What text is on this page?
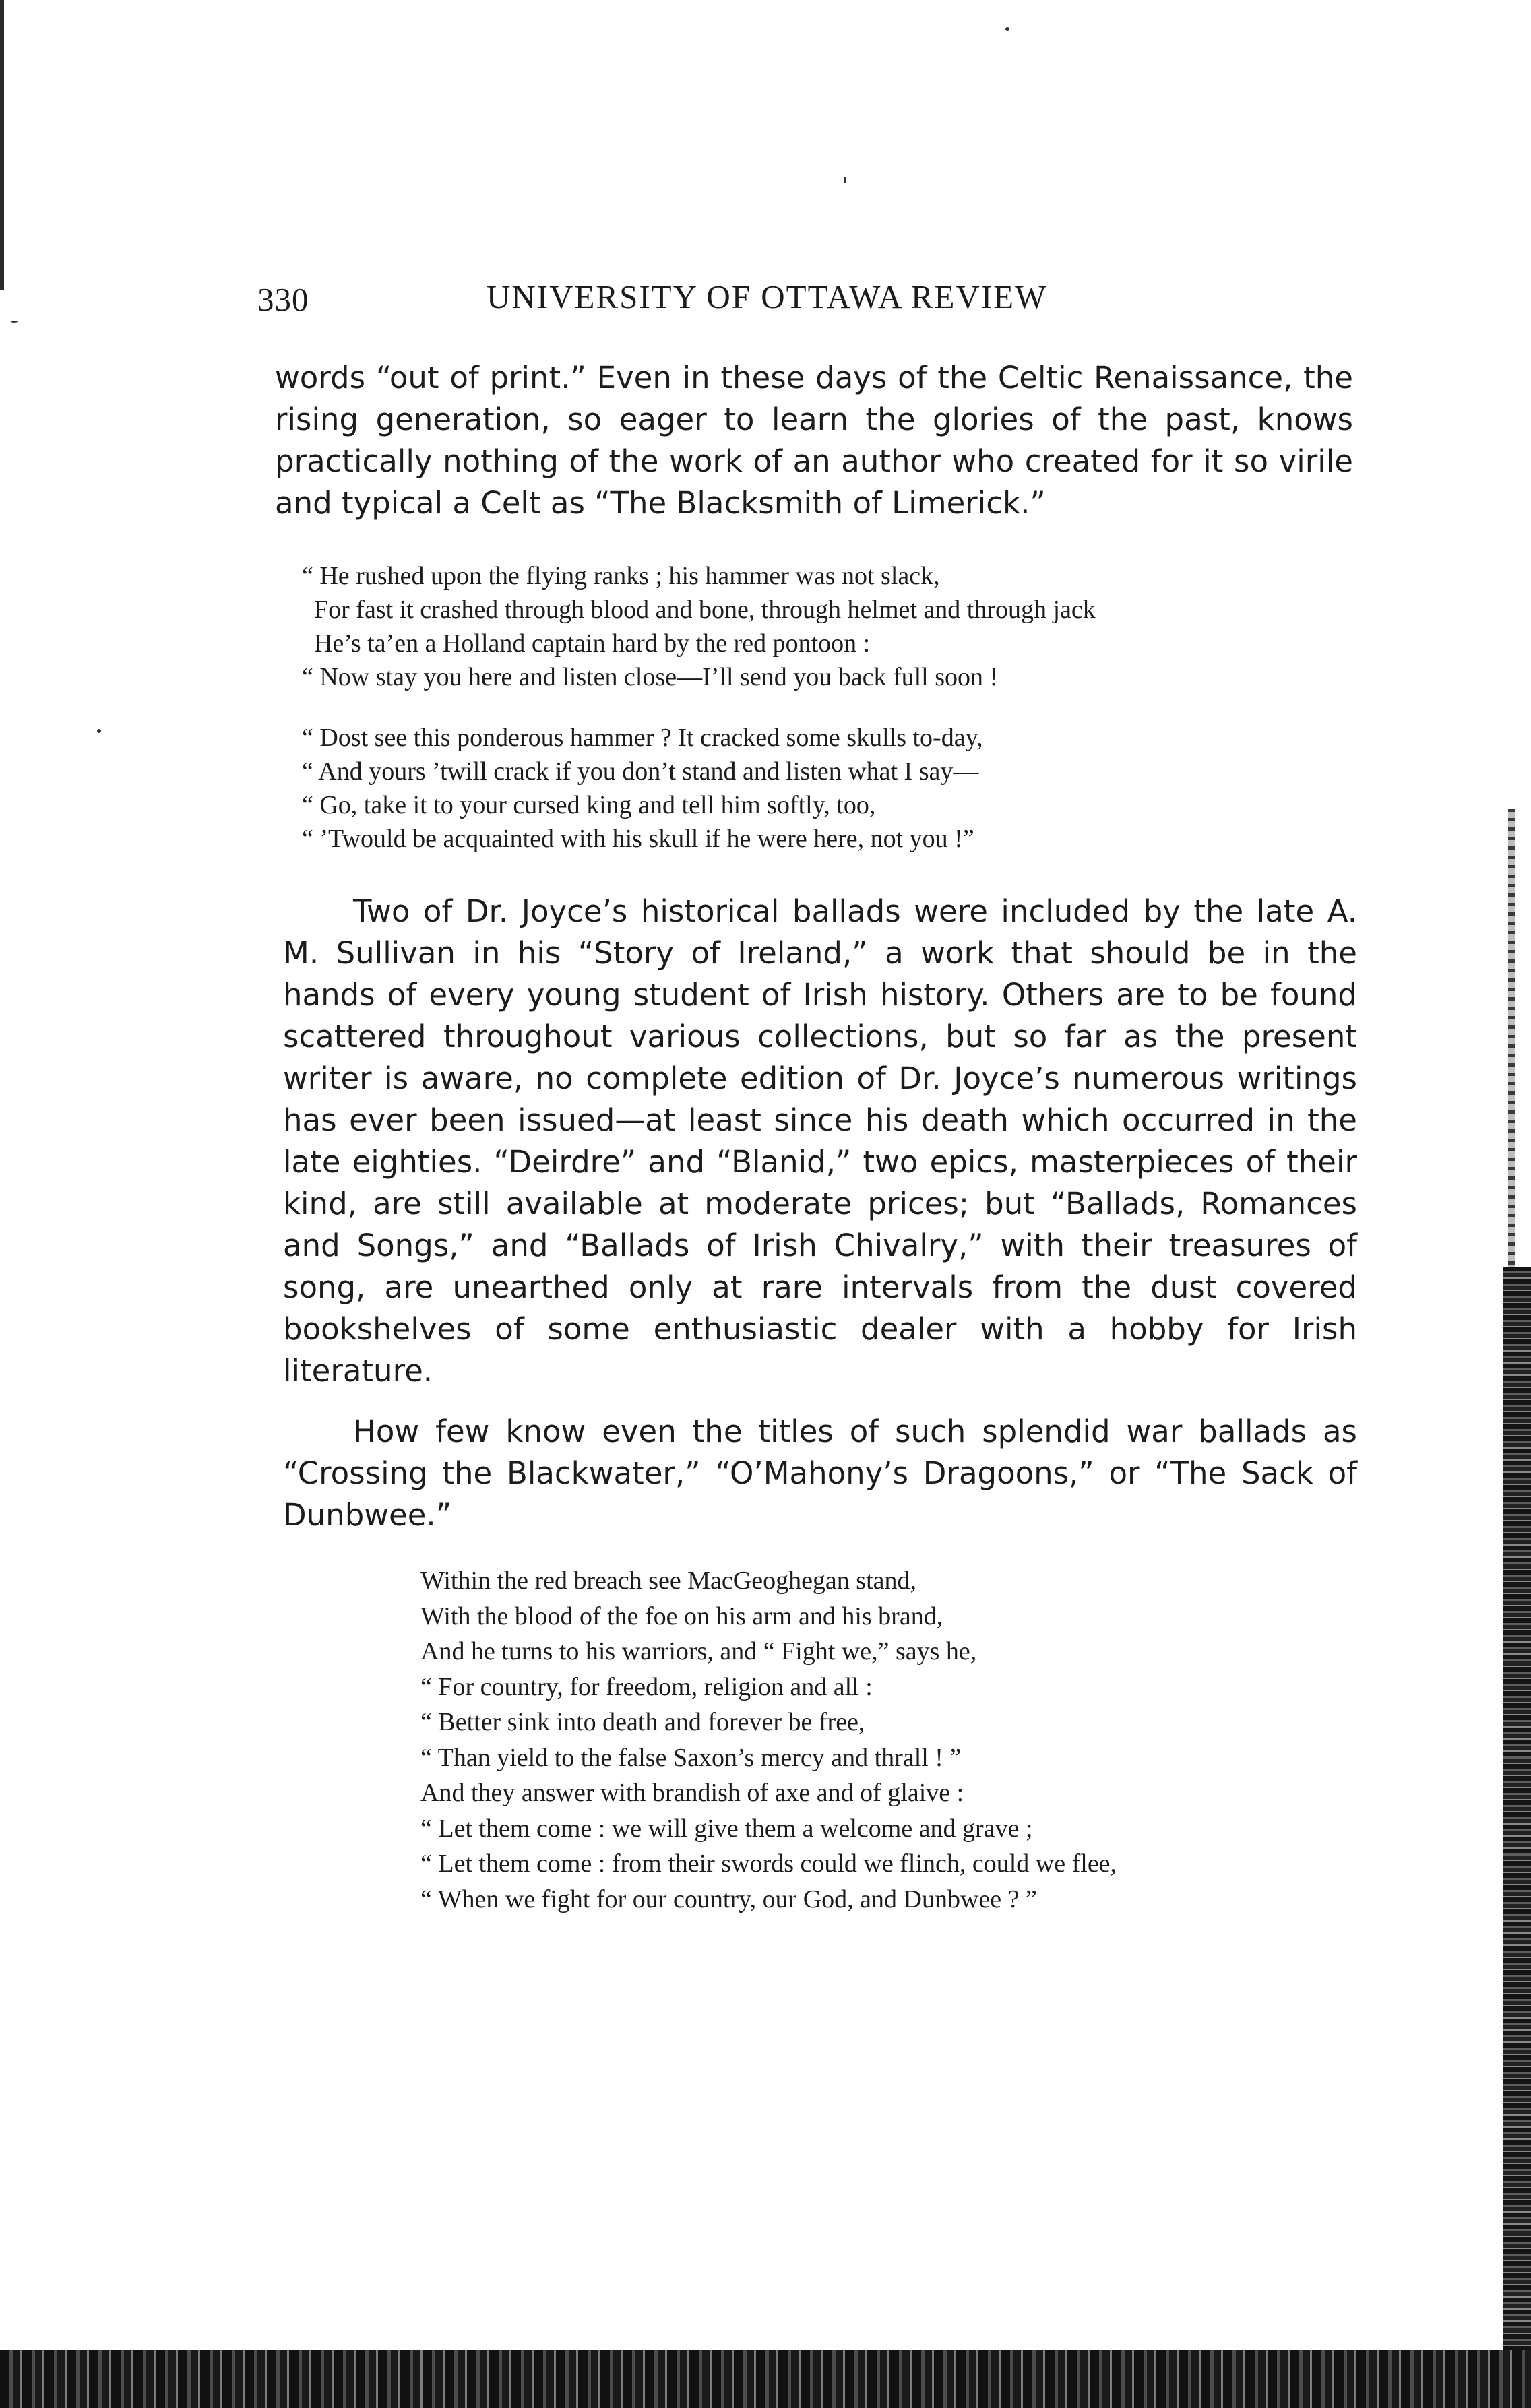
330	UNIVERSITY OF OTTAWA REVIEW

words “out of print.” Even in these days of the Celtic Renaissance, the rising generation, so eager to learn the glories of the past, knows practically nothing of the work of an author who created for it so virile and typical a Celt as “The Blacksmith of Limerick.”

“ He rushed upon the flying ranks ; his hammer was not slack,
For fast it crashed through blood and bone, through helmet and through jack
He’s ta’en a Holland captain hard by the red pontoon :
“ Now stay you here and listen close—I’ll send you back full soon !
“ Dost see this ponderous hammer ? It cracked some skulls to-day,
“ And yours ’twill crack if you don’t stand and listen what I say—
“ Go, take it to your cursed king and tell him softly, too,
“ ’Twould be acquainted with his skull if he were here, not you !”

Two of Dr. Joyce’s historical ballads were included by the late A. M. Sullivan in his “Story of Ireland,” a work that should be in the hands of every young student of Irish history. Others are to be found scattered throughout various collections, but so far as the present writer is aware, no complete edition of Dr. Joyce’s numerous writings has ever been issued—at least since his death which occurred in the late eighties. “Deirdre” and “Blanid,” two epics, masterpieces of their kind, are still available at moderate prices; but “Ballads, Romances and Songs,” and “Ballads of Irish Chivalry,” with their treasures of song, are unearthed only at rare intervals from the dust covered bookshelves of some enthusiastic dealer with a hobby for Irish literature.

How few know even the titles of such splendid war ballads as “Crossing the Blackwater,” “O’Mahony’s Dragoons,” or “The Sack of Dunbwee.”

Within the red breach see MacGeoghegan stand,
With the blood of the foe on his arm and his brand,
And he turns to his warriors, and “ Fight we,” says he,
“ For country, for freedom, religion and all :
“ Better sink into death and forever be free,
“ Than yield to the false Saxon’s mercy and thrall ! ”
And they answer with brandish of axe and of glaive :
“ Let them come : we will give them a welcome and grave ;
“ Let them come : from their swords could we flinch, could we flee,
“ When we fight for our country, our God, and Dunbwee ? ”
